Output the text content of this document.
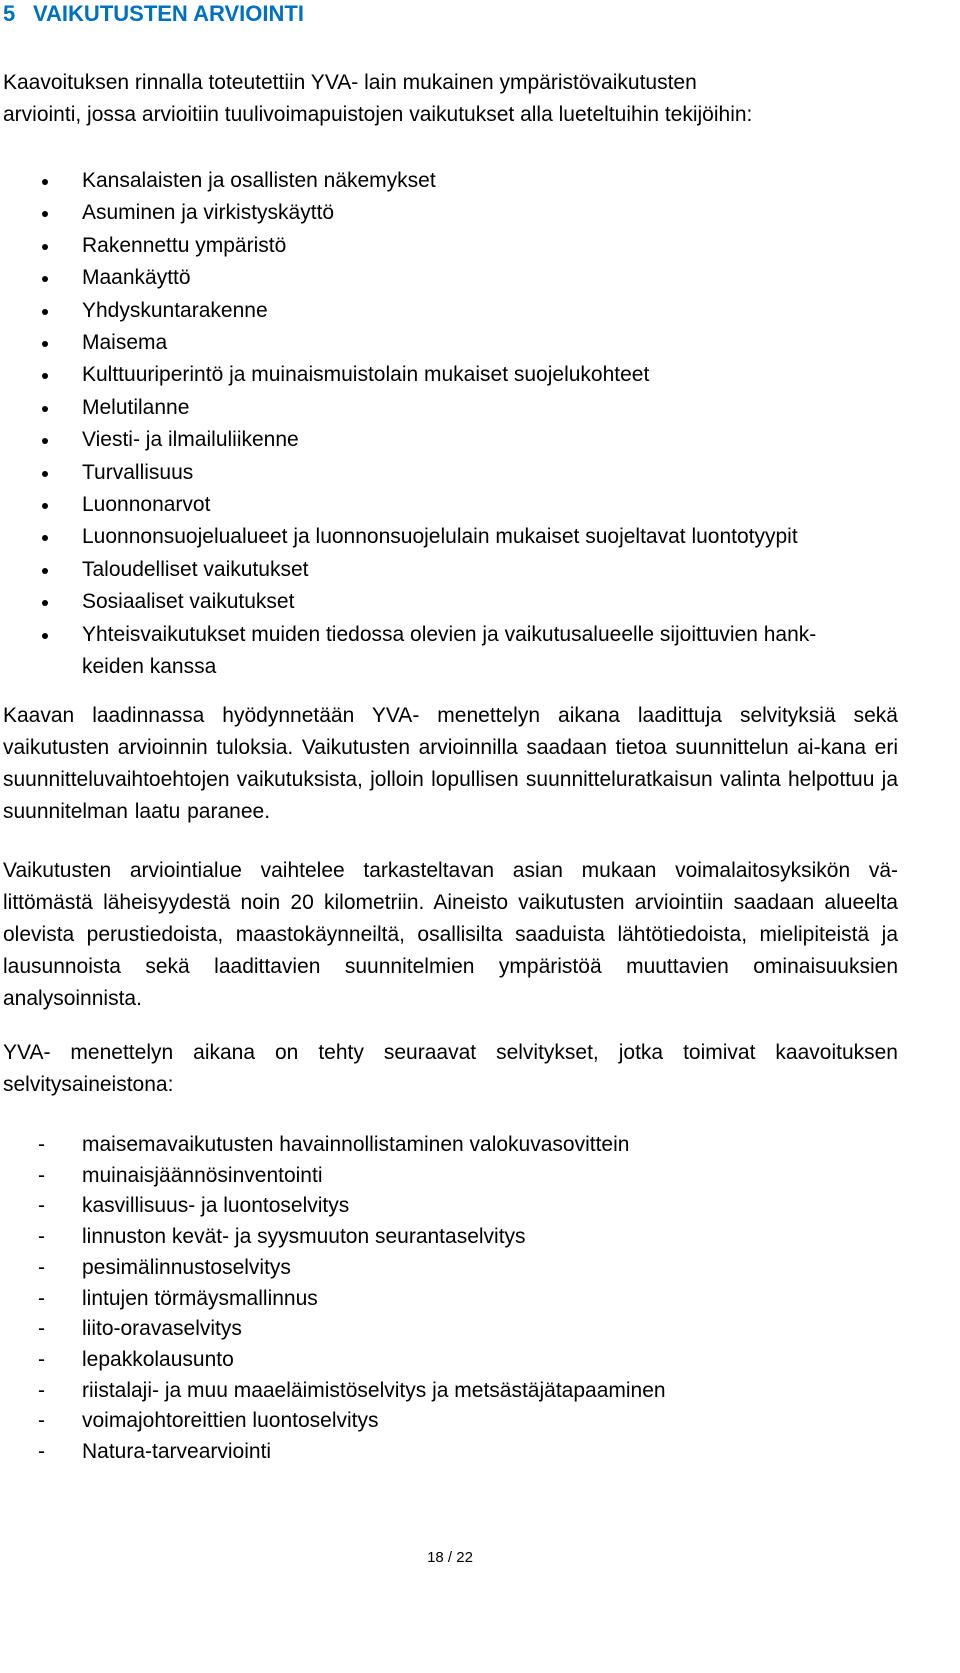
5 VAIKUTUSTEN ARVIOINTI
Kaavoituksen rinnalla toteutettiin YVA- lain mukainen ympäristövaikutusten arviointi, jossa arvioitiin tuulivoimapuistojen vaikutukset alla lueteltuihin tekijöihin:
Kansalaisten ja osallisten näkemykset
Asuminen ja virkistyskäyttö
Rakennettu ympäristö
Maankäyttö
Yhdyskuntarakenne
Maisema
Kulttuuriperintö ja muinaismuistolain mukaiset suojelukohteet
Melutilanne
Viesti- ja ilmailuliikenne
Turvallisuus
Luonnonarvot
Luonnonsuojelualueet ja luonnonsuojelulain mukaiset suojeltavat luontotyypit
Taloudelliset vaikutukset
Sosiaaliset vaikutukset
Yhteisvaikutukset muiden tiedossa olevien ja vaikutusalueelle sijoittuvien hank-keiden kanssa
Kaavan laadinnassa hyödynnetään YVA- menettelyn aikana laadittuja selvityksiä sekä vaikutusten arvioinnin tuloksia. Vaikutusten arvioinnilla saadaan tietoa suunnittelun ai-kana eri suunnitteluvaihtoehtojen vaikutuksista, jolloin lopullisen suunnitteluratkaisun valinta helpottuu ja suunnitelman laatu paranee.
Vaikutusten arviointialue vaihtelee tarkasteltavan asian mukaan voimalaitosyksikön vä-littömästä läheisyydestä noin 20 kilometriin. Aineisto vaikutusten arviointiin saadaan alueelta olevista perustiedoista, maastokäynneiltä, osallisilta saaduista lähtötiedoista, mielipiteistä ja lausunnoista sekä laadittavien suunnitelmien ympäristöä muuttavien ominaisuuksien analysoinnista.
YVA- menettelyn aikana on tehty seuraavat selvitykset, jotka toimivat kaavoituksen selvitysaineistona:
- maisemavaikutusten havainnollistaminen valokuvasovittein
- muinaisjäännösinventointi
- kasvillisuus- ja luontoselvitys
- linnuston kevät- ja syysmuuton seurantaselvitys
- pesimälinnustoselvitys
- lintujen törmäysmallinnus
- liito-oravaselvitys
- lepakkolausunto
- riistalaji- ja muu maaeläimistöselvitys ja metsästäjätapaaminen
- voimajohtoreittien luontoselvitys
- Natura-tarvearviointi
18 / 22
